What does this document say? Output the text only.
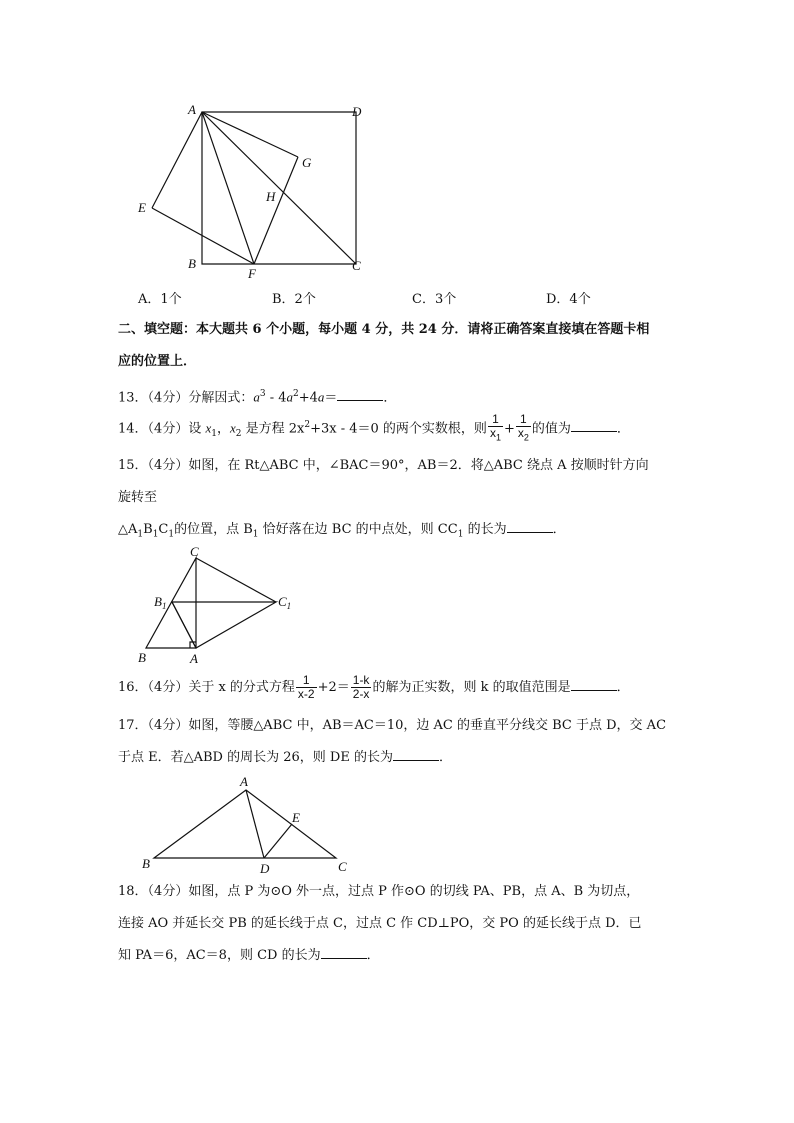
A	D
G
H
E
B
F
C
A．1个	B．2个	C．3个	D．4个
二、填空题：本大题共 6 个小题，每小题 4 分，共 24 分．请将正确答案直接填在答题卡相
应的位置上．
13．（4分）分解因式：$a^3 - 4a^2+4a=$	．
14．（4分）设 $x_1$，$x_2$ 是方程 $2x^2+3x - 4=0$ 的两个实数根，则 $\frac{1}{x_1} + \frac{1}{x_2}$ 的值为	．
15．（4分）如图，在 Rt△ABC 中，∠BAC＝90°，AB＝2．将△ABC 绕点 A 按顺时针方向
旋转至
$\triangle A_1B_1C_1$的位置，点 $B_1$ 恰好落在边 BC 的中点处，则 $CC_1$ 的长为	．
C
$B_1$	$C_1$
B	A
16．（4分）关于 x 的分式方程 $\frac{1}{x-2} +2= \frac{1-k}{2-x}$ 的解为正实数，则 k 的取值范围是	．
17．（4分）如图，等腰△ABC 中，AB＝AC＝10，边 AC 的垂直平分线交 BC 于点 D，交 AC
于点 E．若△ABD 的周长为 26，则 DE 的长为	．
A
E
B	D	C
18．（4分）如图，点 P 为⊙O 外一点，过点 P 作⊙O 的切线 PA、PB，点 A、B 为切点，
连接 AO 并延长交 PB 的延长线于点 C，过点 C 作 CD⊥PO，交 PO 的延长线于点 D．已
知 PA＝6，AC＝8，则 CD 的长为	．
